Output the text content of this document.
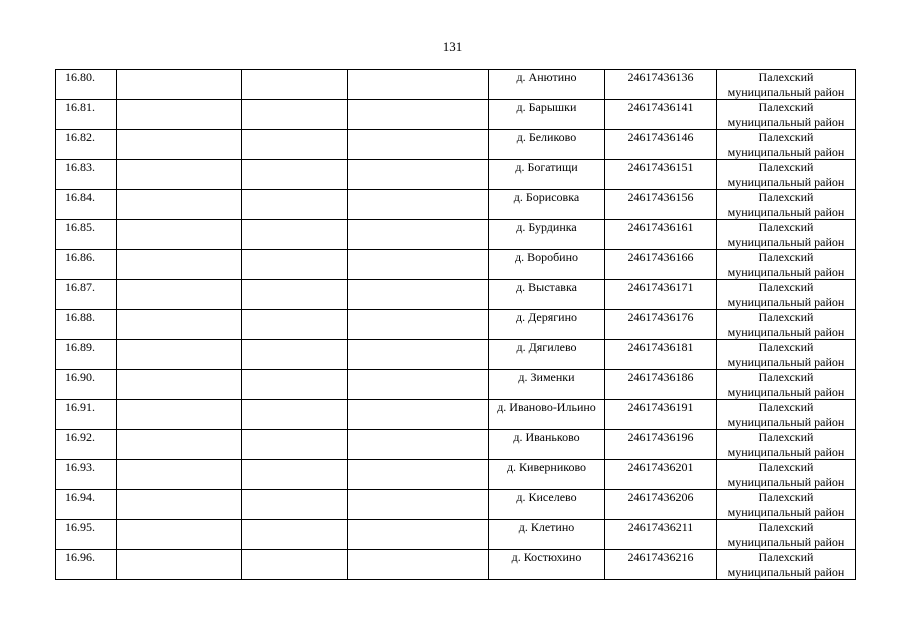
131
16.80.				д. Анютино	24617436136	Палехский муниципальный район
16.81.				д. Барышки	24617436141	Палехский муниципальный район
16.82.				д. Беликово	24617436146	Палехский муниципальный район
16.83.				д. Богатищи	24617436151	Палехский муниципальный район
16.84.				д. Борисовка	24617436156	Палехский муниципальный район
16.85.				д. Бурдинка	24617436161	Палехский муниципальный район
16.86.				д. Воробино	24617436166	Палехский муниципальный район
16.87.				д. Выставка	24617436171	Палехский муниципальный район
16.88.				д. Дерягино	24617436176	Палехский муниципальный район
16.89.				д. Дягилево	24617436181	Палехский муниципальный район
16.90.				д. Зименки	24617436186	Палехский муниципальный район
16.91.				д. Иваново-Ильино	24617436191	Палехский муниципальный район
16.92.				д. Иваньково	24617436196	Палехский муниципальный район
16.93.				д. Киверниково	24617436201	Палехский муниципальный район
16.94.				д. Киселево	24617436206	Палехский муниципальный район
16.95.				д. Клетино	24617436211	Палехский муниципальный район
16.96.				д. Костюхино	24617436216	Палехский муниципальный район
